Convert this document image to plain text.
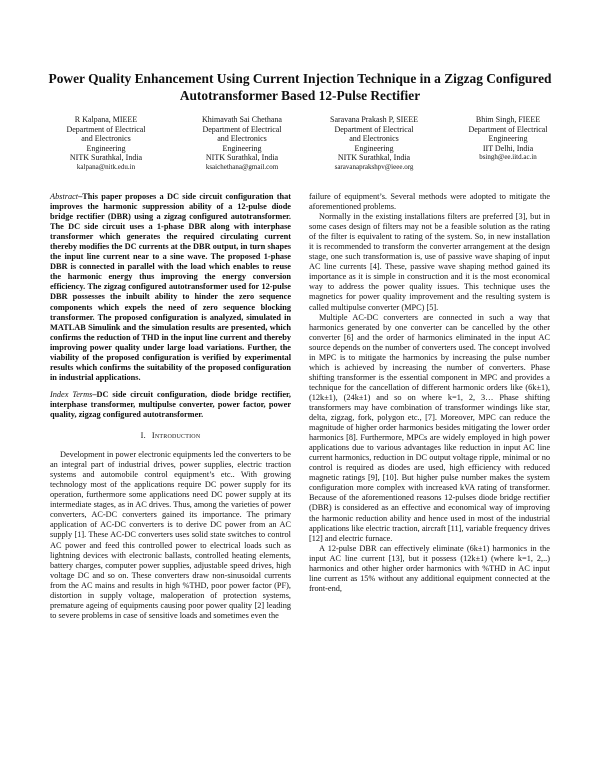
Power Quality Enhancement Using Current Injection Technique in a Zigzag Configured Autotransformer Based 12-Pulse Rectifier
R Kalpana, MIEEE
Department of Electrical
and Electronics
Engineering
NITK Surathkal, India
kalpana@nitk.edu.in
Khimavath Sai Chethana
Department of Electrical
and Electronics
Engineering
NITK Surathkal, India
ksaichethana@gmail.com
Saravana Prakash P, SIEEE
Department of Electrical
and Electronics
Engineering
NITK Surathkal, India
saravanaprakshpv@ieee.org
Bhim Singh, FIEEE
Department of Electrical
Engineering
IIT Delhi, India
bsingh@ee.iitd.ac.in

Abstract–This paper proposes a DC side circuit configuration that improves the harmonic suppression ability of a 12-pulse diode bridge rectifier (DBR) using a zigzag configured autotransformer. The DC side circuit uses a 1-phase DBR along with interphase transformer which generates the required circulating current thereby modifies the DC currents at the DBR output, in turn shapes the input line current near to a sine wave. The proposed 1-phase DBR is connected in parallel with the load which enables to reuse the harmonic energy thus improving the energy conversion efficiency. The zigzag configured autotransformer used for 12-pulse DBR possesses the inbuilt ability to hinder the zero sequence components which expels the need of zero sequence blocking transformer. The proposed configuration is analyzed, simulated in MATLAB Simulink and the simulation results are presented, which confirms the reduction of THD in the input line current and thereby improving power quality under large load variations. Further, the viability of the proposed configuration is verified by experimental results which confirms the suitability of the proposed configuration in industrial applications.

Index Terms–DC side circuit configuration, diode bridge rectifier, interphase transformer, multipulse converter, power factor, power quality, zigzag configured autotransformer.

I. Introduction

Development in power electronic equipments led the converters to be an integral part of industrial drives, power supplies, electric traction systems and automobile control equipment’s etc.. With growing technology most of the applications require DC power supply for its operation, furthermore some applications need DC power supply at its intermediate stages, as in AC drives. Thus, among the varieties of power converters, AC-DC converters gained its importance. The primary application of AC-DC converters is to derive DC power from an AC supply [1]. These AC-DC converters uses solid state switches to control AC power and feed this controlled power to electrical loads such as lightning devices with electronic ballasts, controlled heating elements, battery charges, computer power supplies, adjustable speed drives, high voltage DC and so on. These converters draw non-sinusoidal currents from the AC mains and results in high %THD, poor power factor (PF), distortion in supply voltage, maloperation of protection systems, premature ageing of equipments causing poor power quality [2] leading to severe problems in case of sensitive loads and sometimes even the

failure of equipment’s. Several methods were adopted to mitigate the aforementioned problems.

Normally in the existing installations filters are preferred [3], but in some cases design of filters may not be a feasible solution as the rating of the filter is equivalent to rating of the system. So, in new installation it is recommended to transform the converter arrangement at the design stage, one such transformation is, use of passive wave shaping of input AC line currents [4]. These, passive wave shaping method gained its importance as it is simple in construction and it is the most economical way to address the power quality issues. This technique uses the magnetics for power quality improvement and the resulting system is called multipulse converter (MPC) [5].

Multiple AC-DC converters are connected in such a way that harmonics generated by one converter can be cancelled by the other converter [6] and the order of harmonics eliminated in the input AC source depends on the number of converters used. The concept involved in MPC is to mitigate the harmonics by increasing the pulse number which is achieved by increasing the number of converters. Phase shifting transformer is the essential component in MPC and provides a technique for the cancellation of different harmonic orders like (6k±1), (12k±1), (24k±1) and so on where k=1, 2, 3… Phase shifting transformers may have combination of transformer windings like star, delta, zigzag, fork, polygon etc., [7]. Moreover, MPC can reduce the magnitude of higher order harmonics besides mitigating the lower order harmonics [8]. Furthermore, MPCs are widely employed in high power applications due to various advantages like reduction in input AC line current harmonics, reduction in DC output voltage ripple, minimal or no control is required as diodes are used, high efficiency with reduced magnetic ratings [9], [10]. But higher pulse number makes the system configuration more complex with increased kVA rating of transformer. Because of the aforementioned reasons 12-pulses diode bridge rectifier (DBR) is considered as an effective and economical way of improving the harmonic reduction ability and hence used in most of the industrial applications like electric traction, aircraft [11], variable frequency drives [12] and electric furnace.

A 12-pulse DBR can effectively eliminate (6k±1) harmonics in the input AC line current [13], but it possess (12k±1) (where k=1, 2,..) harmonics and other higher order harmonics with %THD in AC input line current as 15% without any additional equipment connected at the front-end,
